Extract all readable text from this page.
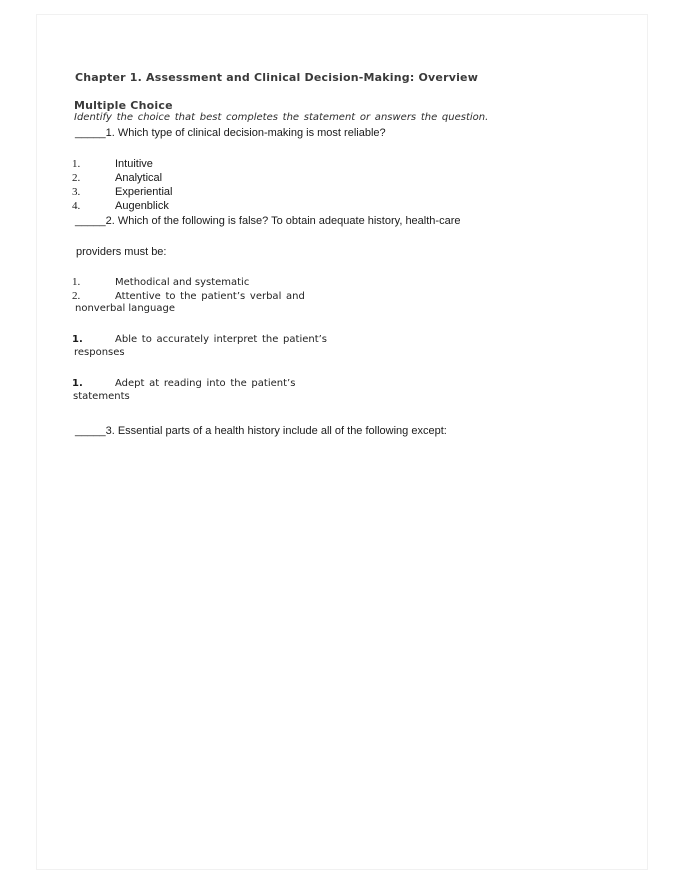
Chapter 1. Assessment and Clinical Decision-Making: Overview
Multiple Choice
Identify the choice that best completes the statement or answers the question.
_____1. Which type of clinical decision-making is most reliable?
1.	Intuitive
2.	Analytical
3.	Experiential
4.	Augenblick
_____2. Which of the following is false? To obtain adequate history, health-care
providers must be:
1.	Methodical and systematic
2.	Attentive to the patient’s verbal and
nonverbal language
1.	Able to accurately interpret the patient’s
responses
1.	Adept at reading into the patient’s
statements
_____3. Essential parts of a health history include all of the following except:
